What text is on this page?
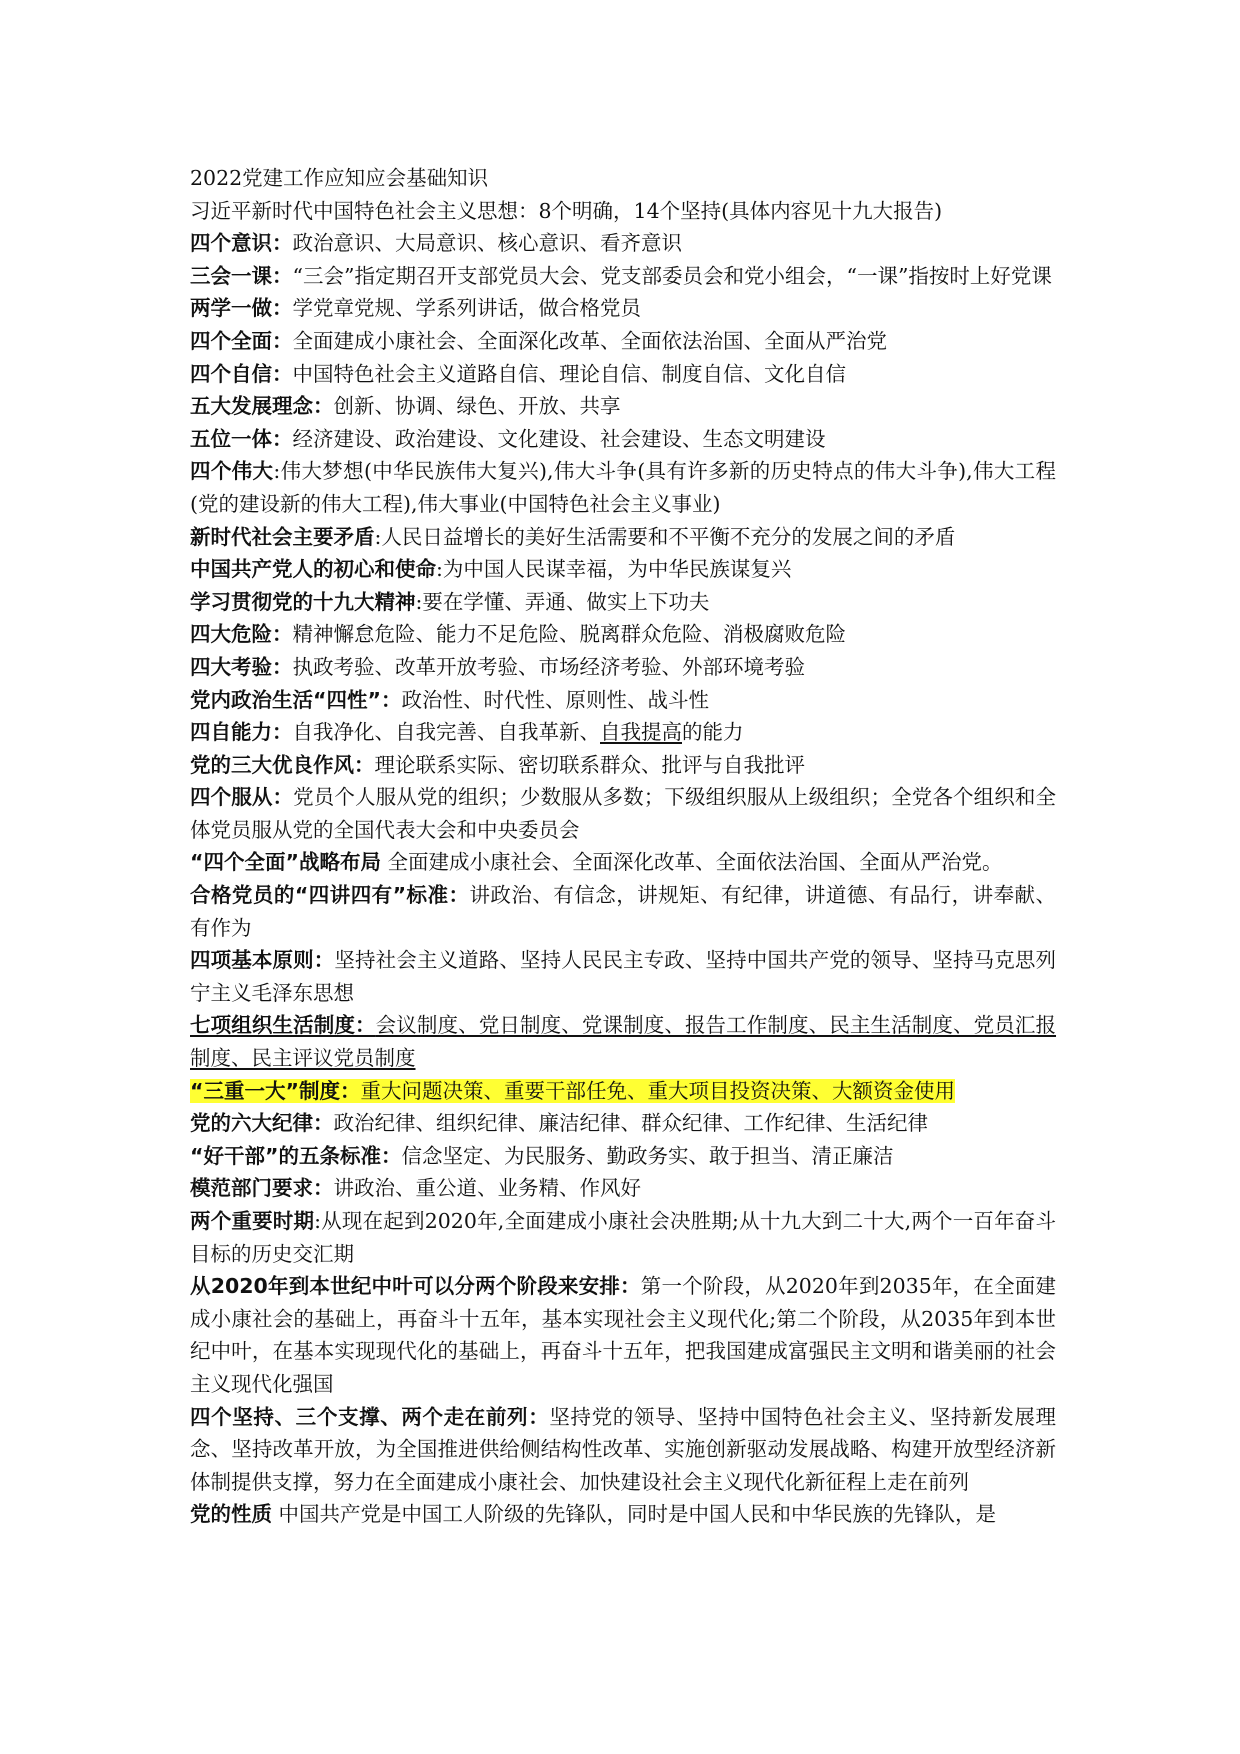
2022党建工作应知应会基础知识

习近平新时代中国特色社会主义思想：8个明确，14个坚持(具体内容见十九大报告)

四个意识：政治意识、大局意识、核心意识、看齐意识

三会一课：“三会”指定期召开支部党员大会、党支部委员会和党小组会，“一课”指按时上好党课

两学一做：学党章党规、学系列讲话，做合格党员

四个全面：全面建成小康社会、全面深化改革、全面依法治国、全面从严治党

四个自信：中国特色社会主义道路自信、理论自信、制度自信、文化自信

五大发展理念：创新、协调、绿色、开放、共享

五位一体：经济建设、政治建设、文化建设、社会建设、生态文明建设

四个伟大:伟大梦想(中华民族伟大复兴),伟大斗争(具有许多新的历史特点的伟大斗争),伟大工程(党的建设新的伟大工程),伟大事业(中国特色社会主义事业)

新时代社会主要矛盾:人民日益增长的美好生活需要和不平衡不充分的发展之间的矛盾

中国共产党人的初心和使命:为中国人民谋幸福，为中华民族谋复兴

学习贯彻党的十九大精神:要在学懂、弄通、做实上下功夫

四大危险：精神懈怠危险、能力不足危险、脱离群众危险、消极腐败危险

四大考验：执政考验、改革开放考验、市场经济考验、外部环境考验

党内政治生活“四性”：政治性、时代性、原则性、战斗性

四自能力：自我净化、自我完善、自我革新、自我提高的能力

党的三大优良作风：理论联系实际、密切联系群众、批评与自我批评

四个服从：党员个人服从党的组织；少数服从多数；下级组织服从上级组织；全党各个组织和全体党员服从党的全国代表大会和中央委员会

“四个全面”战略布局 全面建成小康社会、全面深化改革、全面依法治国、全面从严治党。

合格党员的“四讲四有”标准：讲政治、有信念，讲规矩、有纪律，讲道德、有品行，讲奉献、有作为

四项基本原则：坚持社会主义道路、坚持人民民主专政、坚持中国共产党的领导、坚持马克思列宁主义毛泽东思想

七项组织生活制度：会议制度、党日制度、党课制度、报告工作制度、民主生活制度、党员汇报制度、民主评议党员制度

“三重一大”制度：重大问题决策、重要干部任免、重大项目投资决策、大额资金使用

党的六大纪律：政治纪律、组织纪律、廉洁纪律、群众纪律、工作纪律、生活纪律

“好干部”的五条标准：信念坚定、为民服务、勤政务实、敢于担当、清正廉洁

模范部门要求：讲政治、重公道、业务精、作风好

两个重要时期:从现在起到2020年,全面建成小康社会决胜期;从十九大到二十大,两个一百年奋斗目标的历史交汇期

从2020年到本世纪中叶可以分两个阶段来安排：第一个阶段，从2020年到2035年，在全面建成小康社会的基础上，再奋斗十五年，基本实现社会主义现代化;第二个阶段，从2035年到本世纪中叶，在基本实现现代化的基础上，再奋斗十五年，把我国建成富强民主文明和谐美丽的社会主义现代化强国

四个坚持、三个支撑、两个走在前列：坚持党的领导、坚持中国特色社会主义、坚持新发展理念、坚持改革开放，为全国推进供给侧结构性改革、实施创新驱动发展战略、构建开放型经济新体制提供支撑，努力在全面建成小康社会、加快建设社会主义现代化新征程上走在前列

党的性质 中国共产党是中国工人阶级的先锋队，同时是中国人民和中华民族的先锋队，是
